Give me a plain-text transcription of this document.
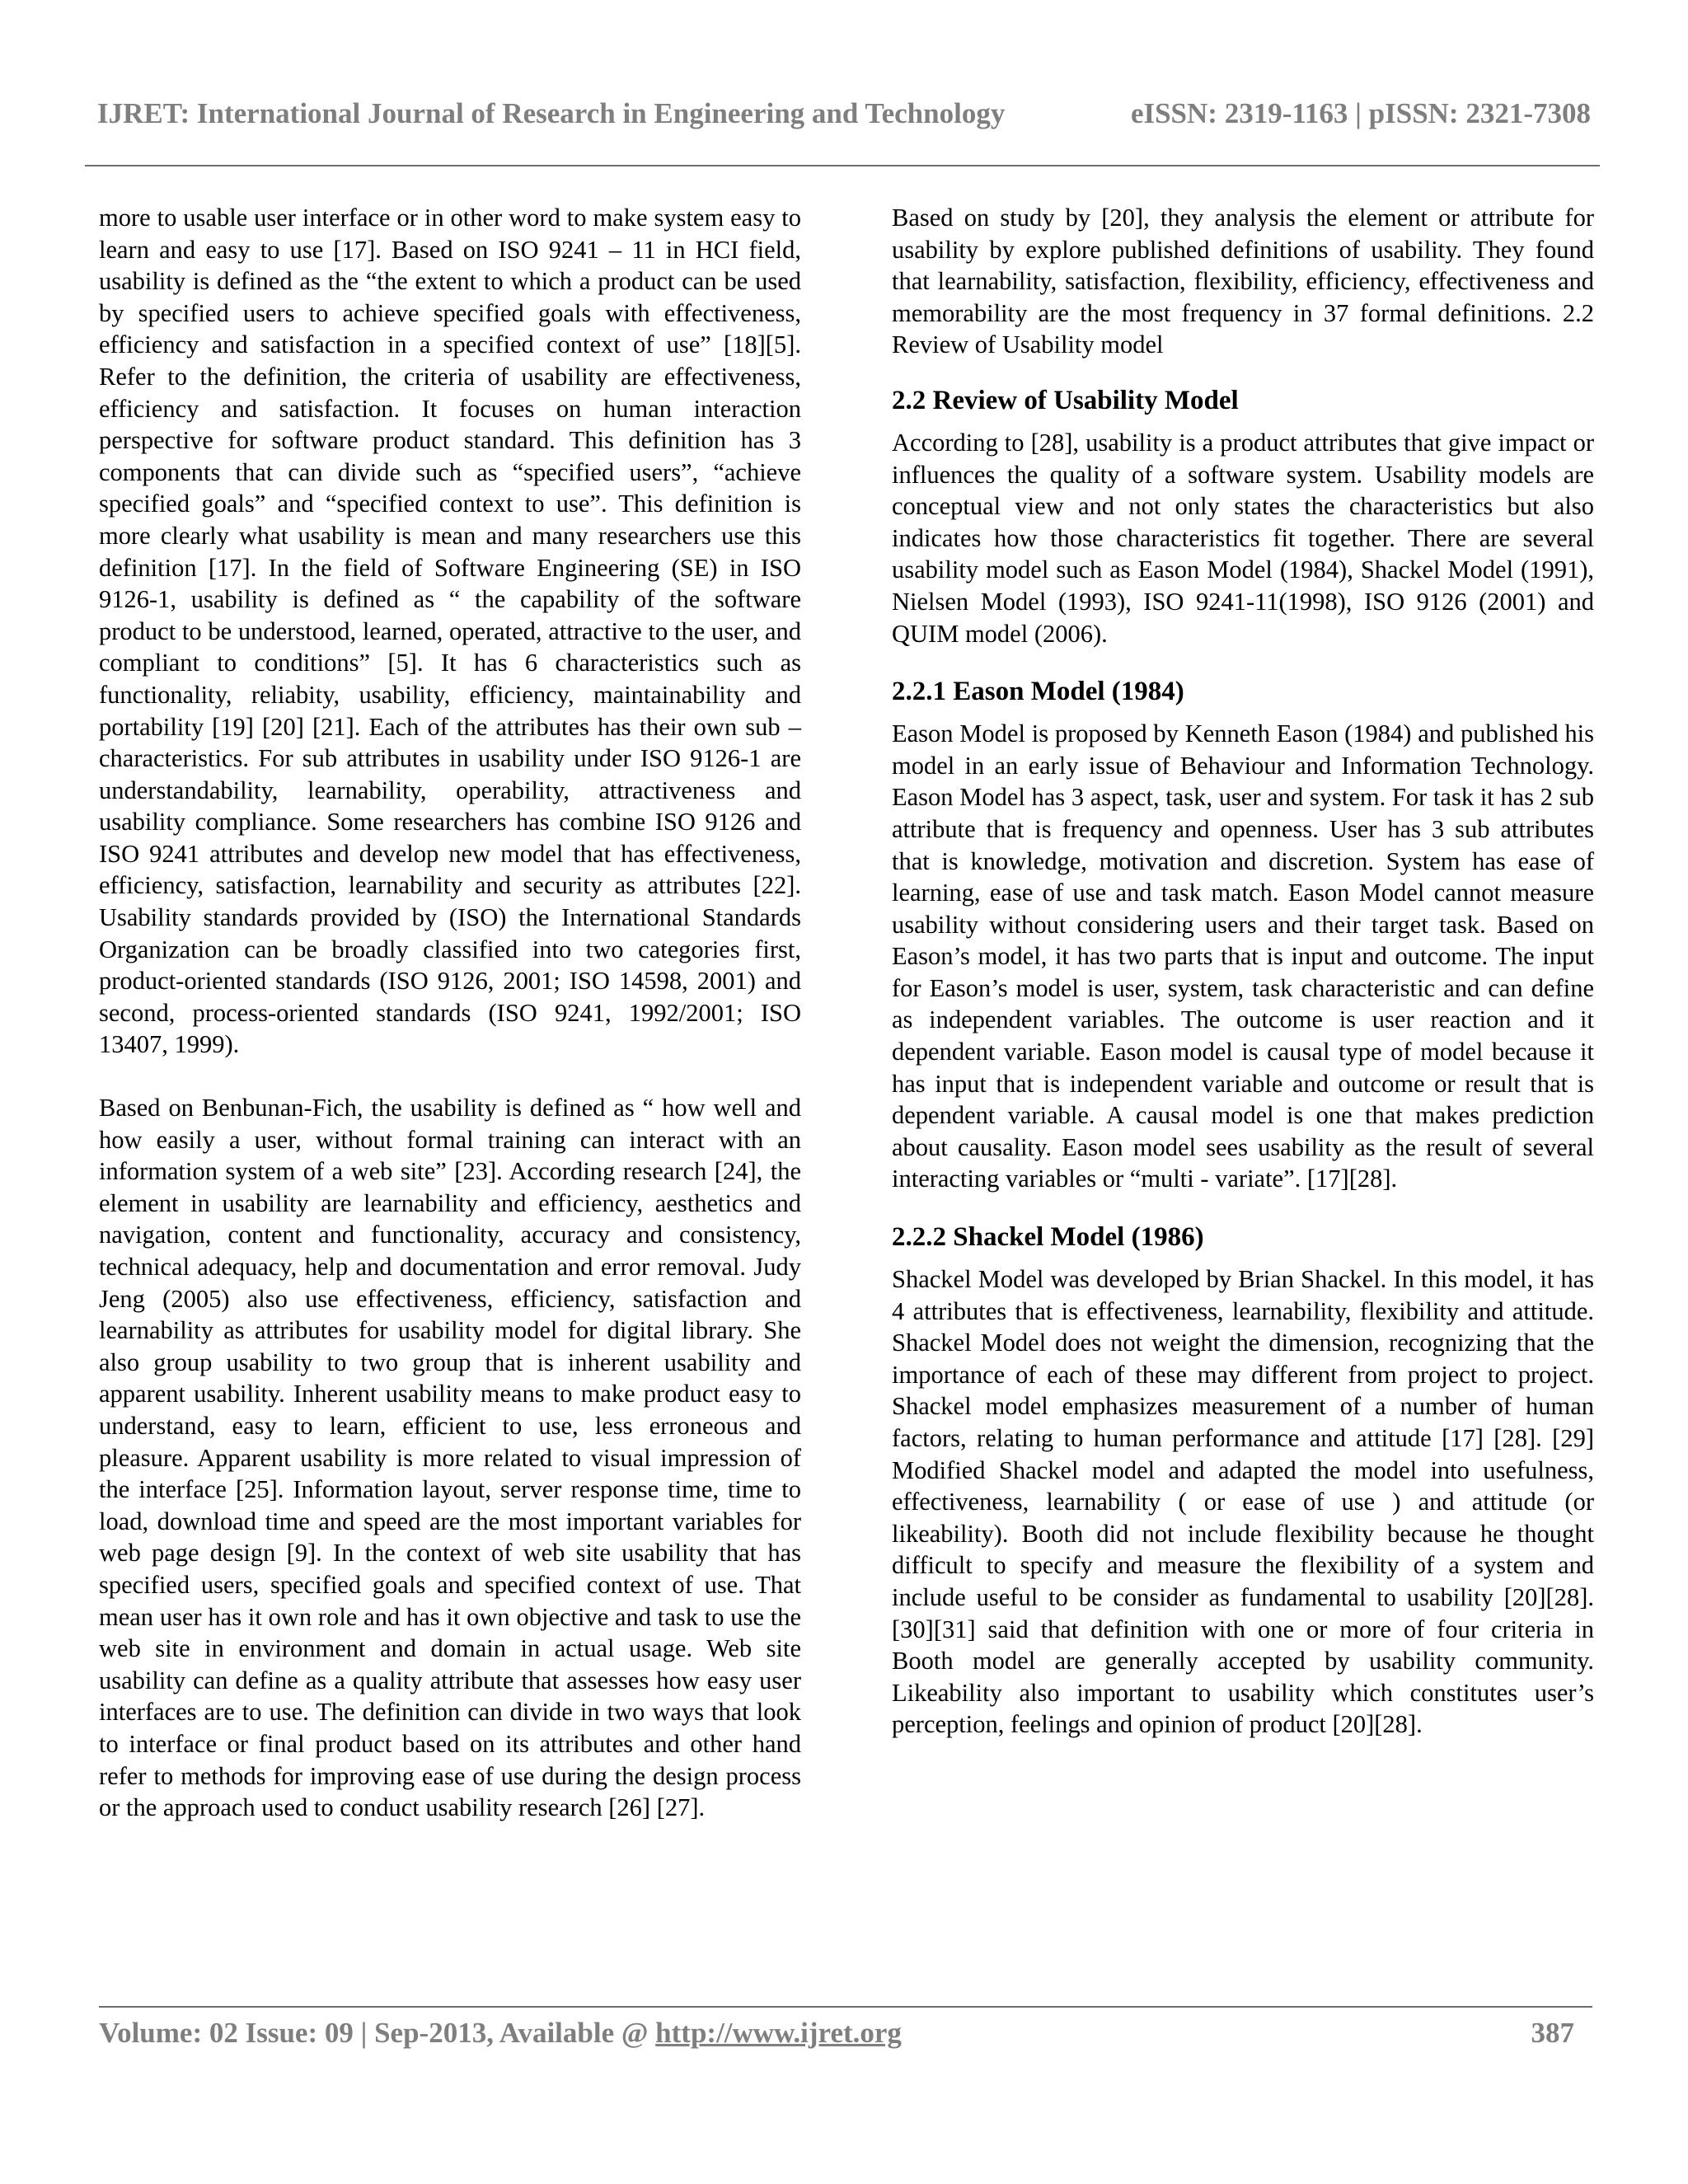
IJRET: International Journal of Research in Engineering and Technology	eISSN: 2319-1163 | pISSN: 2321-7308

more to usable user interface or in other word to make system easy to learn and easy to use [17]. Based on ISO 9241 – 11 in HCI field, usability is defined as the “the extent to which a product can be used by specified users to achieve specified goals with effectiveness, efficiency and satisfaction in a specified context of use” [18][5]. Refer to the definition, the criteria of usability are effectiveness, efficiency and satisfaction. It focuses on human interaction perspective for software product standard. This definition has 3 components that can divide such as “specified users”, “achieve specified goals” and “specified context to use”. This definition is more clearly what usability is mean and many researchers use this definition [17]. In the field of Software Engineering (SE) in ISO 9126-1, usability is defined as “ the capability of the software product to be understood, learned, operated, attractive to the user, and compliant to conditions” [5]. It has 6 characteristics such as functionality, reliabity, usability, efficiency, maintainability and portability [19] [20] [21]. Each of the attributes has their own sub – characteristics. For sub attributes in usability under ISO 9126-1 are understandability, learnability, operability, attractiveness and usability compliance. Some researchers has combine ISO 9126 and ISO 9241 attributes and develop new model that has effectiveness, efficiency, satisfaction, learnability and security as attributes [22]. Usability standards provided by (ISO) the International Standards Organization can be broadly classified into two categories first, product-oriented standards (ISO 9126, 2001; ISO 14598, 2001) and second, process-oriented standards (ISO 9241, 1992/2001; ISO 13407, 1999).

Based on Benbunan-Fich, the usability is defined as “ how well and how easily a user, without formal training can interact with an information system of a web site” [23]. According research [24], the element in usability are learnability and efficiency, aesthetics and navigation, content and functionality, accuracy and consistency, technical adequacy, help and documentation and error removal. Judy Jeng (2005) also use effectiveness, efficiency, satisfaction and learnability as attributes for usability model for digital library. She also group usability to two group that is inherent usability and apparent usability. Inherent usability means to make product easy to understand, easy to learn, efficient to use, less erroneous and pleasure. Apparent usability is more related to visual impression of the interface [25]. Information layout, server response time, time to load, download time and speed are the most important variables for web page design [9]. In the context of web site usability that has specified users, specified goals and specified context of use. That mean user has it own role and has it own objective and task to use the web site in environment and domain in actual usage. Web site usability can define as a quality attribute that assesses how easy user interfaces are to use. The definition can divide in two ways that look to interface or final product based on its attributes and other hand refer to methods for improving ease of use during the design process or the approach used to conduct usability research [26] [27].

Based on study by [20], they analysis the element or attribute for usability by explore published definitions of usability. They found that learnability, satisfaction, flexibility, efficiency, effectiveness and memorability are the most frequency in 37 formal definitions. 2.2 Review of Usability model

2.2 Review of Usability Model

According to [28], usability is a product attributes that give impact or influences the quality of a software system. Usability models are conceptual view and not only states the characteristics but also indicates how those characteristics fit together. There are several usability model such as Eason Model (1984), Shackel Model (1991), Nielsen Model (1993), ISO 9241-11(1998), ISO 9126 (2001) and QUIM model (2006).

2.2.1 Eason Model (1984)

Eason Model is proposed by Kenneth Eason (1984) and published his model in an early issue of Behaviour and Information Technology. Eason Model has 3 aspect, task, user and system. For task it has 2 sub attribute that is frequency and openness. User has 3 sub attributes that is knowledge, motivation and discretion. System has ease of learning, ease of use and task match. Eason Model cannot measure usability without considering users and their target task. Based on Eason’s model, it has two parts that is input and outcome. The input for Eason’s model is user, system, task characteristic and can define as independent variables. The outcome is user reaction and it dependent variable. Eason model is causal type of model because it has input that is independent variable and outcome or result that is dependent variable. A causal model is one that makes prediction about causality. Eason model sees usability as the result of several interacting variables or “multi - variate”. [17][28].

2.2.2 Shackel Model (1986)

Shackel Model was developed by Brian Shackel. In this model, it has 4 attributes that is effectiveness, learnability, flexibility and attitude. Shackel Model does not weight the dimension, recognizing that the importance of each of these may different from project to project. Shackel model emphasizes measurement of a number of human factors, relating to human performance and attitude [17] [28]. [29] Modified Shackel model and adapted the model into usefulness, effectiveness, learnability ( or ease of use ) and attitude (or likeability). Booth did not include flexibility because he thought difficult to specify and measure the flexibility of a system and include useful to be consider as fundamental to usability [20][28]. [30][31] said that definition with one or more of four criteria in Booth model are generally accepted by usability community. Likeability also important to usability which constitutes user’s perception, feelings and opinion of product [20][28].

Volume: 02 Issue: 09 | Sep-2013, Available @ http://www.ijret.org	387
